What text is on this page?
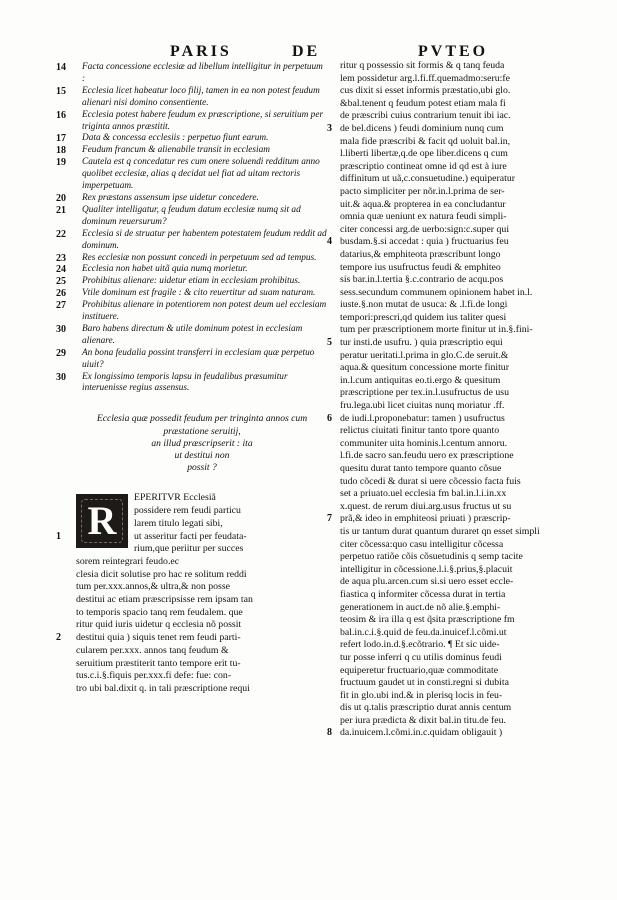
PARIS	DE	PVTEO
14 Facta concessione ecclesiæ ad libellum intelligitur in perpetuum :
15 Ecclesia licet habeatur loco filij, tamen in ea non potest feudum alienari nisi domino consentiente.
16 Ecclesia potest habere feudum ex præscriptione, si seruitium per triginta annos præstitit.
17 Data & concessa ecclesiis : perpetuo fiunt earum.
18 Feudum francum & alienabile transit in ecclesiam
19 Cautela est q concedatur res cum onere soluendi redditum anno quolibet ecclesiæ, alias q decidat uel fiat ad uitam rectoris imperpetuam.
20 Rex præstans assensum ipse uidetur concedere.
21 Qualiter intelligatur, q feudum datum ecclesiæ numq sit ad dominum reuersurum?
22 Ecclesia si de struatur per habentem potestatem feudum reddit ad dominum.
23 Res ecclesiæ non possunt concedi in perpetuum sed ad tempus.
24 Ecclesia non habet uitã quia numq morietur.
25 Prohibitus alienare: uidetur etiam in ecclesiam prohibitus.
26 Vtile dominum est fragile : & cito reuertitur ad suam naturam.
27 Prohibitus alienare in potentiorem non potest deum uel ecclesiam instituere.
30 Baro habens directum & utile dominum potest in ecclesiam alienare.
29 An bona feudalia possint transferri in ecclesiam quæ perpetuo uiuit?
30 Ex longissimo temporis lapsu in feudalibus præsumitur interuenisse regius assensus.
Ecclesia quæ possedit feudum per tringinta annos cum præstatione seruitij,
an illud præscripserit : ita
ut destitui non
possit ?
R
EPERITVR Ecclesiã
possidere rem feudi particu
larem titulo legati sibi,
1	ut asseritur facti per feudata-
rium,que periitur per succes
sorem reintegrari feudo.ec
clesia dicit solutise pro hac re solitum reddi
tum per.xxx.annos,& ultra,& non posse
destitui ac etiam præscripsisse rem ipsam tan
to temporis spacio tanq rem feudalem. que
ritur quid iuris uidetur q ecclesia nõ possit
2 destitui quia ) siquis tenet rem feudi parti-
cularem per.xxx. annos tanq feudum &
seruitium præstiterit tanto tempore erit tu-
tus.c.i.§.fiquis per.xxx.fi defe: fue: con-
tro ubi bal.dixit q. in tali præscriptione requi
ritur q possessio sit formis & q tanq feuda
lem possidetur arg.l.fi.ff.quemadmo:seru:fe
cus dixit si esset informis præstatio,ubi glo.
&bal.tenent q feudum potest etiam mala fi
de præscribi cuius contrarium tenuit ibi iac.
3 de bel.dicens ) feudi dominium nunq cum
mala fide præscribi & facit qd uoluit bal.in,
l.liberti libertæ,q.de ope liber.dicens q cum
præscriptio contineat omne id qd est à iure
diffinitum ut uã,c.consuetudine.) equiperatur
pacto simpliciter per nõr.in.l.prima de ser-
uit.& aqua.& propterea in ea concludantur
omnia quæ ueniunt ex natura feudi simpli-
citer concessi arg.de uerbo:sign:c.super qui
4 busdam.§.si accedat : quia ) fructuarius feu
datarius,& emphiteota præscribunt longo
tempore ius usufructus feudi & emphiteo
sis bar.in.l.tertia §.c.contrario de acqu.pos
sess.secundum communem opinionem habet in.l.
iuste.§.non mutat de usuca: & .l.fi.de longi
tempori:prescri,qd quidem ius taliter quesi
tum per præscriptionem morte finitur ut in.§.fini-
5 tur insti.de usufru. ) quia præscriptio equi
peratur ueritati.l.prima in glo.C.de seruit.&
aqua.& quesitum concessione morte finitur
in.l.cum antiquitas eo.ti.ergo & quesitum
præscriptione per tex.in.l.usufructus de usu
fru.lega.ubi licet ciuitas nunq moriatur .ff.
6 de iudi.l.proponebatur: tamen ) usufructus
relictus ciuitati finitur tanto tpore quanto
communiter uita hominis.l.centum annoru.
l.fi.de sacro san.feudu uero ex præscriptione
quesitu durat tanto tempore quanto cõsue
tudo cõcedi & durat si uere cõcessio facta fuis
set a priuato.uel ecclesia fm bal.in.l.i.in.xx
x.quest. de rerum diui.arg.usus fructus ut su
7 prã,& ideo in emphiteosi priuati ) præscrip-
tis ur tantum durat quantum duraret qn esset simpli
citer cõcessa:quo casu intelligitur cõcessa
perpetuo ratiõe cõis cõsuetudinis q semp tacite
intelligitur in cõcessione.l.i.§.prius,§.placuit
de aqua plu.arcen.cum si.si uero esset eccle-
fiastica q informiter cõcessa durat in tertia
generationem in auct.de nõ alie.§.emphi-
teosim & ira illa q est q̃sita præscriptione fm
bal.in.c.i.§.quid de feu.da.inuicef.l.cõmi.ut
refert lodo.in.d.§.ecõtrario. ¶ Et sic uide-
tur posse inferri q cu utilis dominus feudi
equiperetur fructuario,quæ commoditate
fructuum gaudet ut in consti.regni si dubita
fit in glo.ubi ind.& in plerisq locis in feu-
dis ut q.talis præscriptio durat annis centum
per iura prædicta & dixit bal.in titu.de feu.
8 da.inuicem.l.cõmi.in.c.quidam obligauit )
